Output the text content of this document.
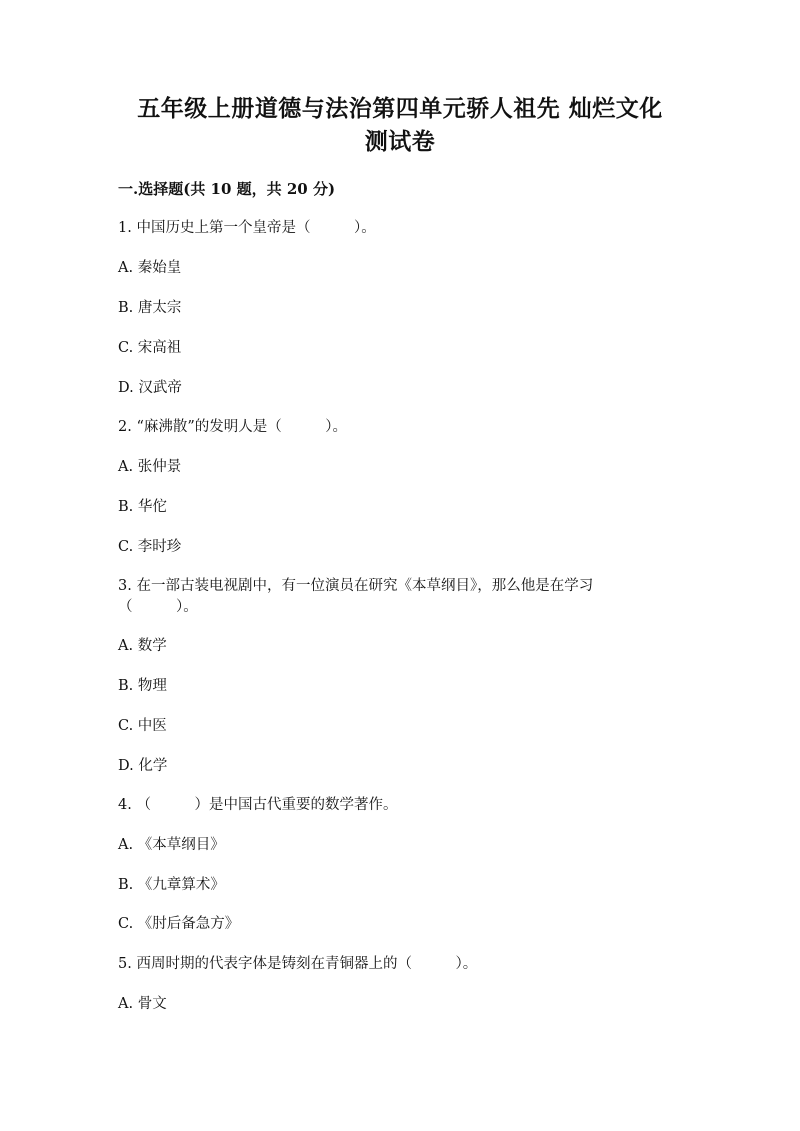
五年级上册道德与法治第四单元骄人祖先 灿烂文化
测试卷
一.选择题(共 10 题，共 20 分)
1. 中国历史上第一个皇帝是（　　　）。
A. 秦始皇
B. 唐太宗
C. 宋高祖
D. 汉武帝
2. “麻沸散”的发明人是（　　　）。
A. 张仲景
B. 华佗
C. 李时珍
3. 在一部古装电视剧中，有一位演员在研究《本草纲目》，那么他是在学习
（　　　）。
A. 数学
B. 物理
C. 中医
D. 化学
4. （　　　）是中国古代重要的数学著作。
A. 《本草纲目》
B. 《九章算术》
C. 《肘后备急方》
5. 西周时期的代表字体是铸刻在青铜器上的（　　　）。
A. 骨文
